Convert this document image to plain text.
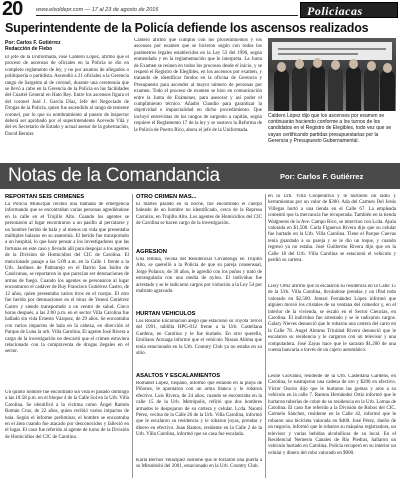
20	www.elsoldepr.com — 17 al 23 de agosto de 2016	Policiacas
Superintendente de la Policía defiende los ascensos realizados
Por: Carlos F. Gutiérrez
Redacción de Fiebo
El jefe de la Uniformada, José Caldero López, afirmó que el proceso de ascensos de oficiales en la Policía se dio en completo reglamento de ley, y no por asuntos de allegados o politiquería o partidista. Ascendió a 21 oficiales a la Gerencia rango de Sargento al de coronel, durante una ceremonia que se llevó a cabo en la Gerencia de la Policía en las facilidades del Cuartel General en Hato Rey. Entre los ascensos figura el del coronel José J. García Díaz, Jefe del Negociado de Drogas de la Policía, quien fue ascendido al rango de teniente coronel, por lo que su nombramiento al puesto de inspector deberá ser aprobado por el superintendente Acevedo Vilá y del ex Secretario de Estado y actual asesor de la gobernación, David Bernier.
Caldero afirmó que cumplió con los procedimientos y los ascensos por examen que se hicieron según con todos los parámetros legales establecidos en la Ley 53 del 1996, según enmendada y en la reglamentación que le interpreta. La Junta de Examen se reúnen en todos los procesos desde el inicio, y se respetó el Registro de Elegibles, en los ascensos por examen, y tratando de identificar fondos en la oficina de Gerencia y Presupuesto para ascender al mayor número de personas por examen. Todo el proceso de examen se hizo en comunicación entre la Junta de Exámenes, para asesorar y así poder el cumplimiento técnico. Añadió Claudio para garantizar la objetividad e imparcialidad en dicho procedimiento. Que incluyó entrevistas de los rangos de sargento a capitán, según requiere el Reglamento 17 de la ley y se sostuvo la Reforma de la Policía de Puerto Rico, ahora el jefe de la Uniformada.
Caldero López dijo que los ascensos por examen se continuarán haciendo conforme a los turnos de los candidatos en el Registro de Elegibles, todo vez que se vayan certificando partidas presupuestarias por la Gerencia y Presupuesto Gubernamental.
Notas de la Comandancia	Por: Carlos F. Gutiérrez
REPORTAN SEIS CRIMENES
La Policía Municipal recibió una llamada de emergencia informando que se encontraban varias personas agrediéndose en la calle en el Trujillo Alto. Cuando los agentes se personaron al lugar encontraron a un pasillo al percatarse y un hombre herido de bala y al menos un vida que presentaba múltiples balazos en su anatomía. El herido fue transportado a un hospital, lo que hace pensar a los investigadores que las fortunas en este caso y llevado allí para despojar a los agentes de la División de Homicidios del CIC de Carolina. El mencionado pasaje a las 5:09 a.m. en la Calle 1 frente a la Urb. Jardines de Palmarejo en el Barrio San Isidro de Canóvanas, se reportaron lo que parecían ser detonaciones de armas de fuego. Cuando los agentes se personaron al lugar encontraron el cadáver de Ruy Francisco Gutiérrez Castro, de 12 años, quien presentaba varios tiros en el cuerpo. El otro fue herido por detonaciones en el tórax de Yeseni Gutiérrez Castro y siendo transportado a un centro de salud. Cinco horas después, a las 2:00 p.m. en el sector Villa Carolina fue hallado sin vida Ernesto Vázquez, de 29 años. Se encontraba con varios impactos de bala en la cabeza, en dirección al Parque de Luna la urb. Villa Carolina. El agente José Rivera a cargo de la investigación no descartó que el crimen estuviera relacionado con la compraventa de drogas ilegales en el sector.
Un quinto hombre fue encontrado sin vida el pasado domingo a las 10:58 p.m. en el bloque 4 de la Calle Sol en la Urb. Villa Carolina. Se identificó a la víctima como Ángel Ramón Román Cruz, de 22 años, quien recibió varios impactos de bala. Según el informe preliminar, el hombre se encontraba en el área cuando fue atacado por desconocidos y falleció en el lugar. El caso fue referido al agente de turno de la División de Homicidios del CIC de Carolina.
OTRO CRIMEN MAS...
El martes pasado en la noche, fue encontrado el cuerpo baleado de un hombre no identificado, cerca de la Represa Carraízo, en Trujillo Alto. Los agentes de Homicidios del CIC de Carolina se hacen cargo de la investigación.
AGRESION
Una fémina, vecina del Residencial Covadonga en Trujillo Alto, se querelló a la Policía de que su pareja consensual, Jorge Polanco, de 30 años, le agredió con los puños y trató de estrangularla con una media de nylon. El individuo fue arrestado y se le radicaron cargos por violación a la Ley 54 por maltrato agravado.
HURTAN VEHICULOS
Los Rosario Encarnación alegó que estacionó su Toyota Tercel del 1991, tablilla HPG-012 frente a la Urb. Castellana Gardens, en Carolina y le fue hurtado. En otro querella, Emiliano Arzuaga informó que el vehículo Nissan Altima que tenía estacionado en la Urb. Country Club ya no estaba en su sitio.
ASALTOS Y ESCALAMIENTOS
Romanel López, hispano, informó que estando en la playa de Piñones, le apuntaron con un arma blanca y le robaron efectivo. Luis Rivera, de 24 años, cuando se encontraba en la calle 15 de la Urb. Metrópolis, refirió que dos hombres armados le despojaron de su cartera y celular. Lcda. Naomi Pérez, vecina de la Calle 26 de la Urb. Villa Carolina, informó que le escalaron su residencia y le robaron joyas, prendas y dinero en efectivo. Juan Ramos, residente en la Calle 2 de la Urb. Villa Carolina, informó que su casa fue escalada.
Karla Berrios Velázquez sostiene que le forzaron una puerta a su Mitsubishi del 2001, estacionado en la Urb. Country Club.
en la Urb. Villa Cooperativa y le hurtaron un radio y herramientas por un valor de $300. Ada del Carmen Del Jesús Villegas hurtó a una tienda en el Calle 67. La empleada comentó que la mercancía fue recuperada. También en la tienda Walgreens de la Ave. Campo Rico, se intervino con Lcda. Ayala valorada en $1,500. Carla Figueroa Rivera dijo que su celular fue hurtado en la Urb. Villa Carolina. Tiene el Parque Cuevas tenía guardado a su pareja y se le dio un toque, y cuando regresó ya no estaba. José Guillermo Rivera dijo que en la Calle 18 del Urb. Villa Carolina se estacionó el vehículo y perdió su cartera.
Lissy Ortiz afirmó que la escalaron su residencia en la Calle 15 de la Urb. Villa Carolina, llevándose prendas y un iPad todo valorado en $2,500. Jomari Fernández López informó que alguien movió los cristales de su ventana del comedor y, en el interior de la vivienda, se escaló en el Sector Ciencias, en Carolina. El individuo fue arrestado y se le radicaron cargos. Galary Nieves denunció que le robaron una cartera del carro en la Calle 78. Angel Abrams Trinidad Rivera denunció que le escalaron su residencia y le cargaron con un televisor y una computadora. José Zayas hace que le sacaran $1,200 de una cuenta bancaria a través de un cajero automático.
Leslie Giovanni, residente de la Urb. Castellana Gardens, en Carolina, le sustrajeron una cadena de oro y $200 en efectivo. Víctor Osorio dijo que le hurtaron las gomas y aros a su vehículo en la calle 7. Ramon Hernández Ortiz informó que le hurtaron tuberías de cobre de su residencia en la Urb. Lomas de Carolina. El caso fue referido a la División de Robos del CIC. Carmelo Sánchez, residente en la Calle 42, informó que le robaron una bicicleta valorada en $400. José Pérez, dueño de un negocio, informó que le robaron su máquina registradora, un televisor y varias bebidas alcohólicas de su local. En el Residencial Nemesio Canales de Río Piedras, hallaron un vehículo hurtado en Carolina. Policía recuperó en su interior un celular y dinero del robo valorado en $900.
